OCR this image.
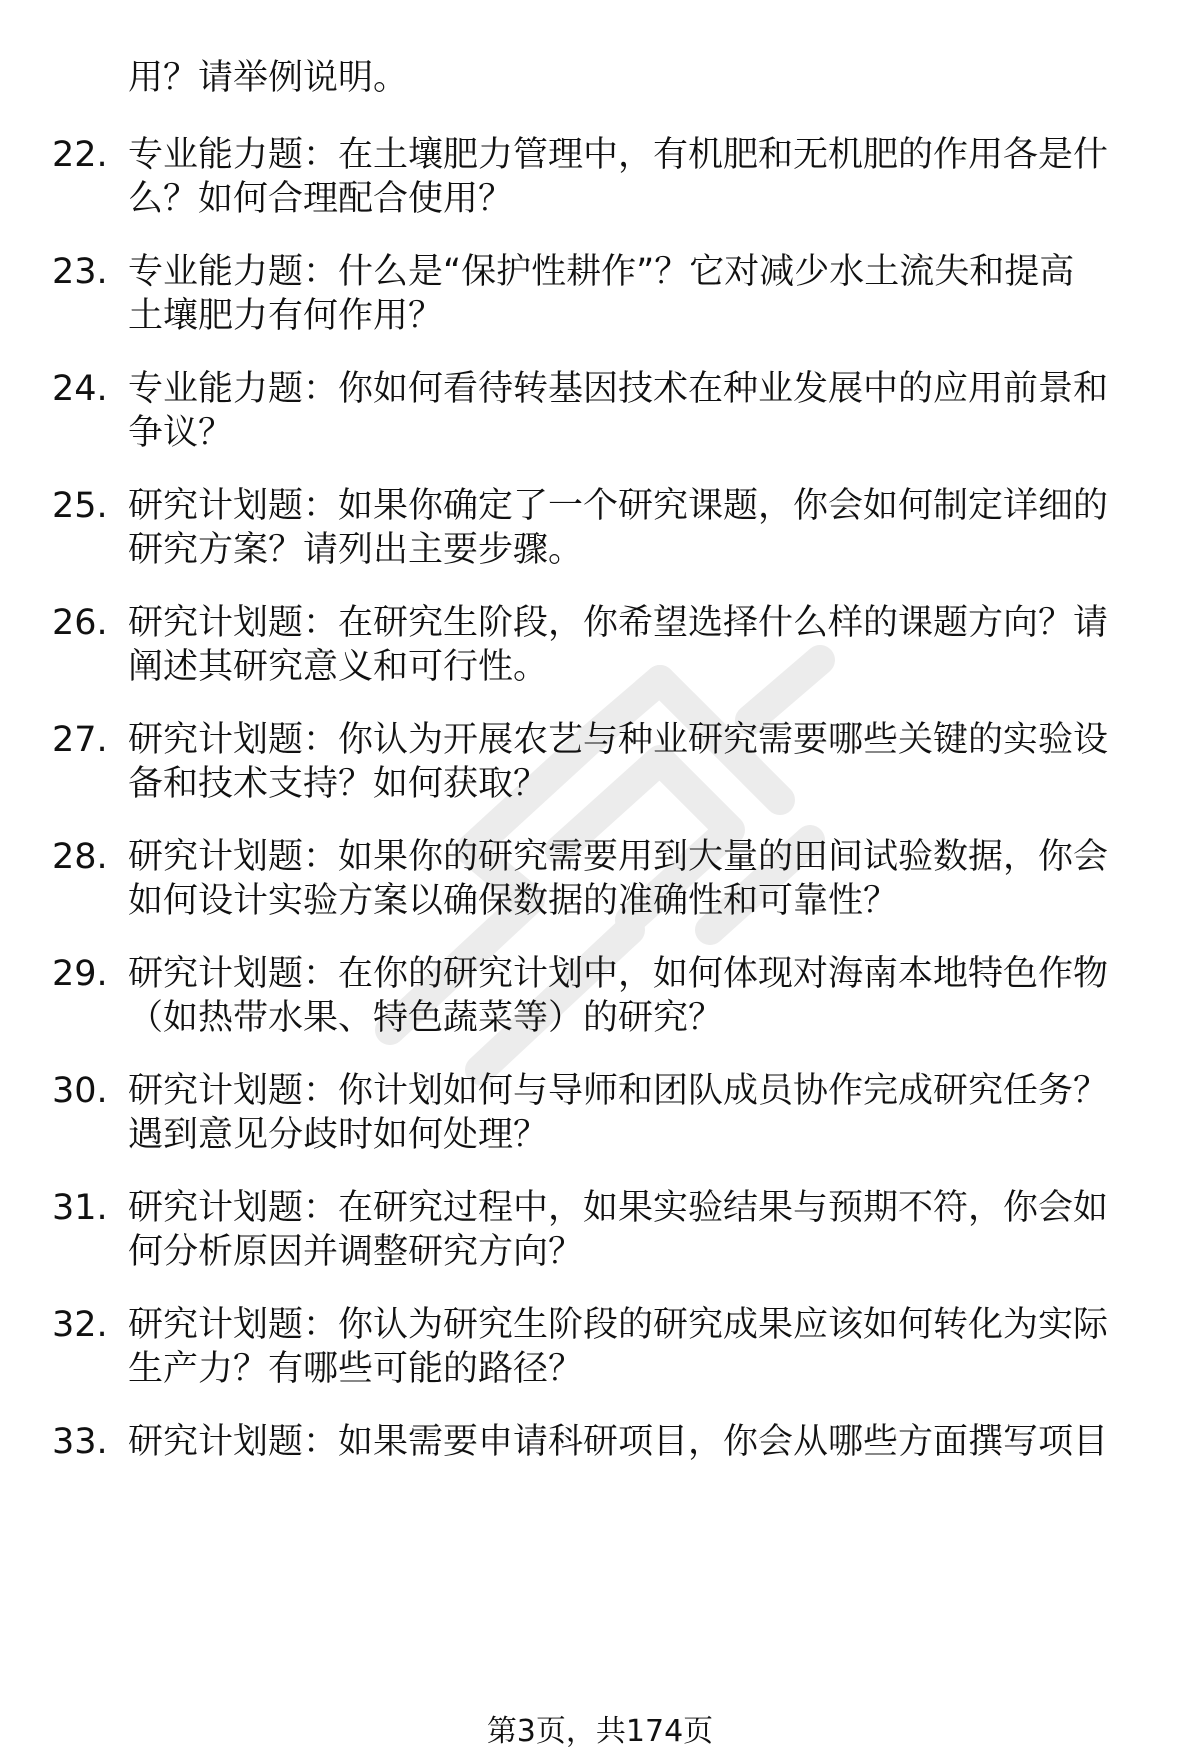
用？请举例说明。
22. 专业能力题：在土壤肥力管理中，有机肥和无机肥的作用各是什
么？如何合理配合使用？
23. 专业能力题：什么是“保护性耕作”？它对减少水土流失和提高
土壤肥力有何作用？
24. 专业能力题：你如何看待转基因技术在种业发展中的应用前景和
争议？
25. 研究计划题：如果你确定了一个研究课题，你会如何制定详细的
研究方案？请列出主要步骤。
26. 研究计划题：在研究生阶段，你希望选择什么样的课题方向？请
阐述其研究意义和可行性。
27. 研究计划题：你认为开展农艺与种业研究需要哪些关键的实验设
备和技术支持？如何获取？
28. 研究计划题：如果你的研究需要用到大量的田间试验数据，你会
如何设计实验方案以确保数据的准确性和可靠性？
29. 研究计划题：在你的研究计划中，如何体现对海南本地特色作物
（如热带水果、特色蔬菜等）的研究？
30. 研究计划题：你计划如何与导师和团队成员协作完成研究任务？
遇到意见分歧时如何处理？
31. 研究计划题：在研究过程中，如果实验结果与预期不符，你会如
何分析原因并调整研究方向？
32. 研究计划题：你认为研究生阶段的研究成果应该如何转化为实际
生产力？有哪些可能的路径？
33. 研究计划题：如果需要申请科研项目，你会从哪些方面撰写项目
第3页，共174页
